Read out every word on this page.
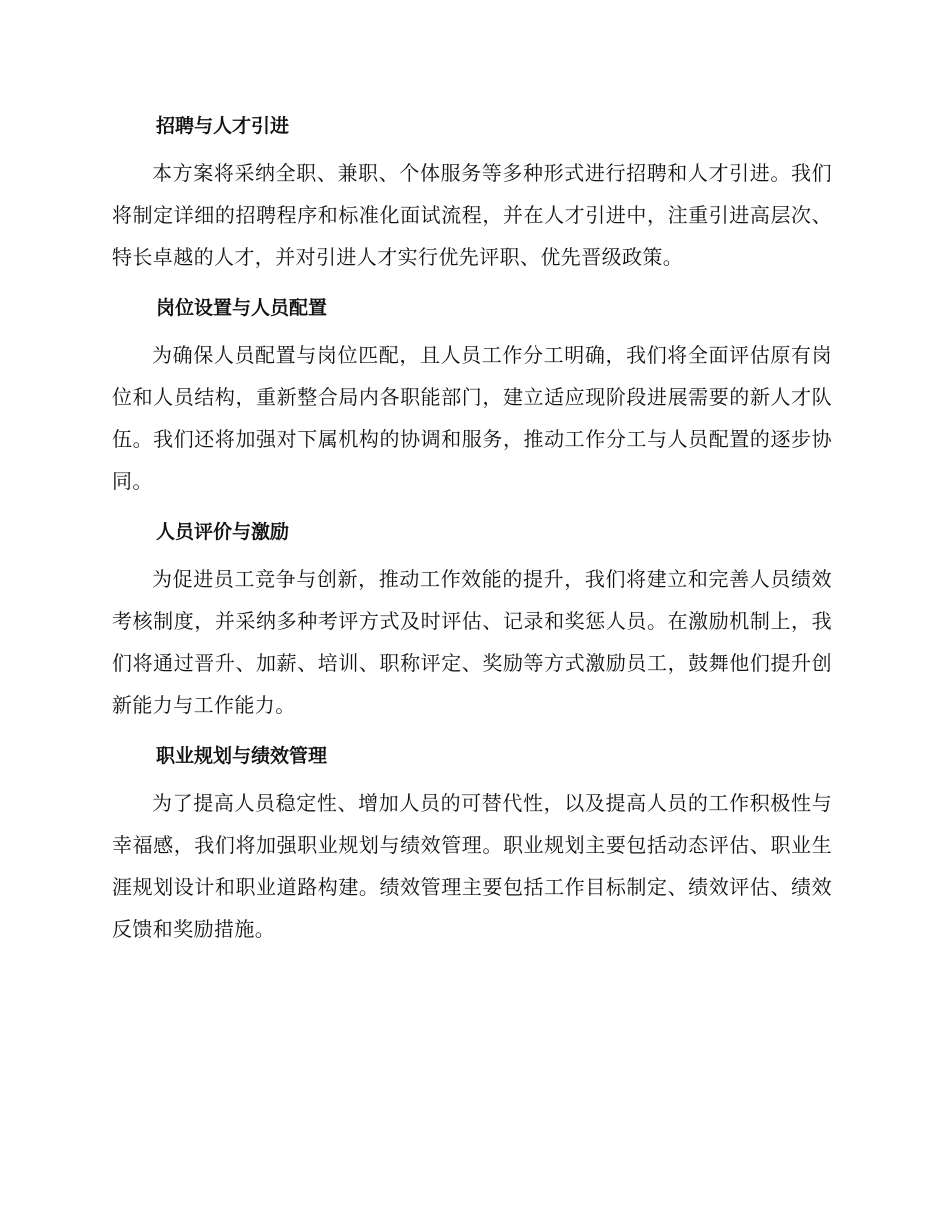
招聘与人才引进

本方案将采纳全职、兼职、个体服务等多种形式进行招聘和人才引进。我们将制定详细的招聘程序和标准化面试流程，并在人才引进中，注重引进高层次、特长卓越的人才，并对引进人才实行优先评职、优先晋级政策。

岗位设置与人员配置

为确保人员配置与岗位匹配，且人员工作分工明确，我们将全面评估原有岗位和人员结构，重新整合局内各职能部门，建立适应现阶段进展需要的新人才队伍。我们还将加强对下属机构的协调和服务，推动工作分工与人员配置的逐步协同。

人员评价与激励

为促进员工竞争与创新，推动工作效能的提升，我们将建立和完善人员绩效考核制度，并采纳多种考评方式及时评估、记录和奖惩人员。在激励机制上，我们将通过晋升、加薪、培训、职称评定、奖励等方式激励员工，鼓舞他们提升创新能力与工作能力。

职业规划与绩效管理

为了提高人员稳定性、增加人员的可替代性，以及提高人员的工作积极性与幸福感，我们将加强职业规划与绩效管理。职业规划主要包括动态评估、职业生涯规划设计和职业道路构建。绩效管理主要包括工作目标制定、绩效评估、绩效反馈和奖励措施。
